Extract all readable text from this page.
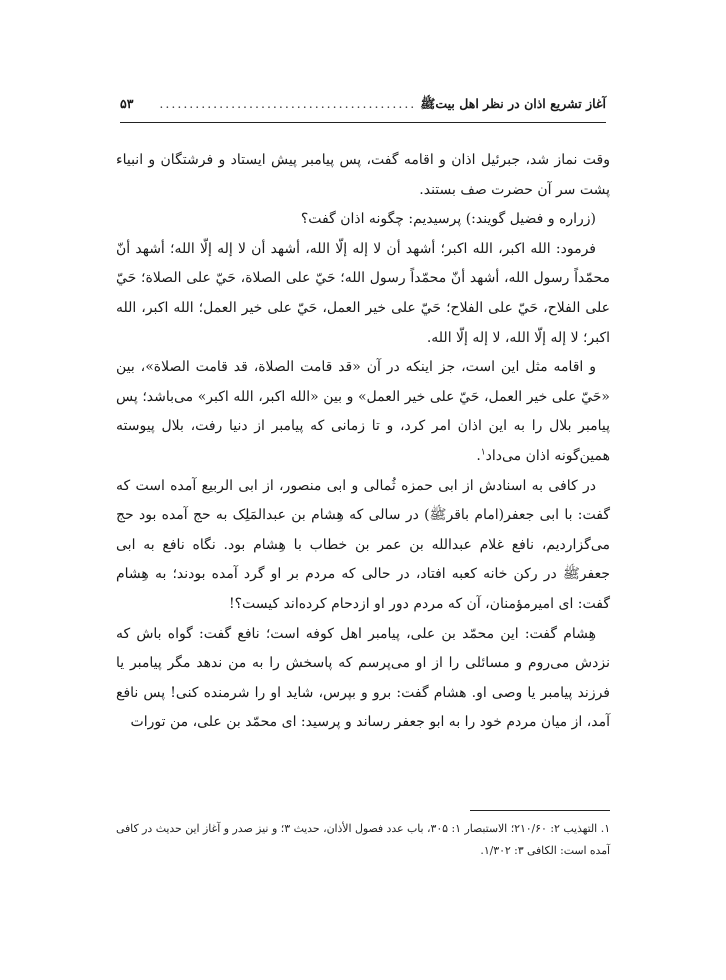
آغاز تشریع اذان در نظر اهل بیتﷺ
...........................................
۵۳

وقت نماز شد، جبرئیل اذان و اقامه گفت، پس پیامبر پیش ایستاد و فرشتگان و انبیاء پشت سر آن حضرت صف بستند.

(زراره و فضیل گویند:) پرسیدیم: چگونه اذان گفت؟

فرمود: الله اکبر، الله اکبر؛ أشهد أن لا إله إلّا الله، أشهد أن لا إله إلّا الله؛ أشهد أنّ محمّداً رسول الله، أشهد أنّ محمّداً رسول الله؛ حَيّ علی الصلاة، حَيّ علی الصلاة؛ حَيّ علی الفلاح، حَيّ علی الفلاح؛ حَيّ علی خیر العمل، حَيّ علی خیر العمل؛ الله اکبر، الله اکبر؛ لا إله إلّا الله، لا إله إلّا الله.

و اقامه مثل این است، جز اینکه در آن «قد قامت الصلاة، قد قامت الصلاة»، بین «حَيّ علی خیر العمل، حَيّ علی خیر العمل» و بین «الله اکبر، الله اکبر» می‌باشد؛ پس پیامبر بلال را به این اذان امر کرد، و تا زمانی که پیامبر از دنیا رفت، بلال پیوسته همین‌گونه اذان می‌داد$^۱$.

در کافی به اسنادش از ابی حمزه ثُمالی و ابی منصور، از ابی الربیع آمده است که گفت: با ابی جعفر(امام باقرﷺ) در سالی که هِشام بن عبدالمَلِک به حج آمده بود حج می‌گزاردیم، نافع غلام عبدالله بن عمر بن خطاب با هِشام بود. نگاه نافع به ابی جعفرﷺ در رکن خانه کعبه افتاد، در حالی که مردم بر او گرد آمده بودند؛ به هِشام گفت: ای امیرمؤمنان، آن که مردم دور او ازدحام کرده‌اند کیست؟!

هِشام گفت: این محمّد بن علی، پیامبر اهل کوفه است؛ نافع گفت: گواه باش که نزدش می‌روم و مسائلی را از او می‌پرسم که پاسخش را به من ندهد مگر پیامبر یا فرزند پیامبر یا وصی او. هشام گفت: برو و بپرس، شاید او را شرمنده کنی! پس نافع آمد، از میان مردم خود را به ابو جعفر رساند و پرسید: ای محمّد بن علی، من تورات

۱. التهذیب ۲: ۲۱۰/۶۰؛ الاستبصار ۱: ۳۰۵، باب عدد فصول الأذان، حدیث ۳؛ و نیز صدر و آغاز این حدیث در کافی آمده است: الکافی ۳: ۱/۳۰۲.
